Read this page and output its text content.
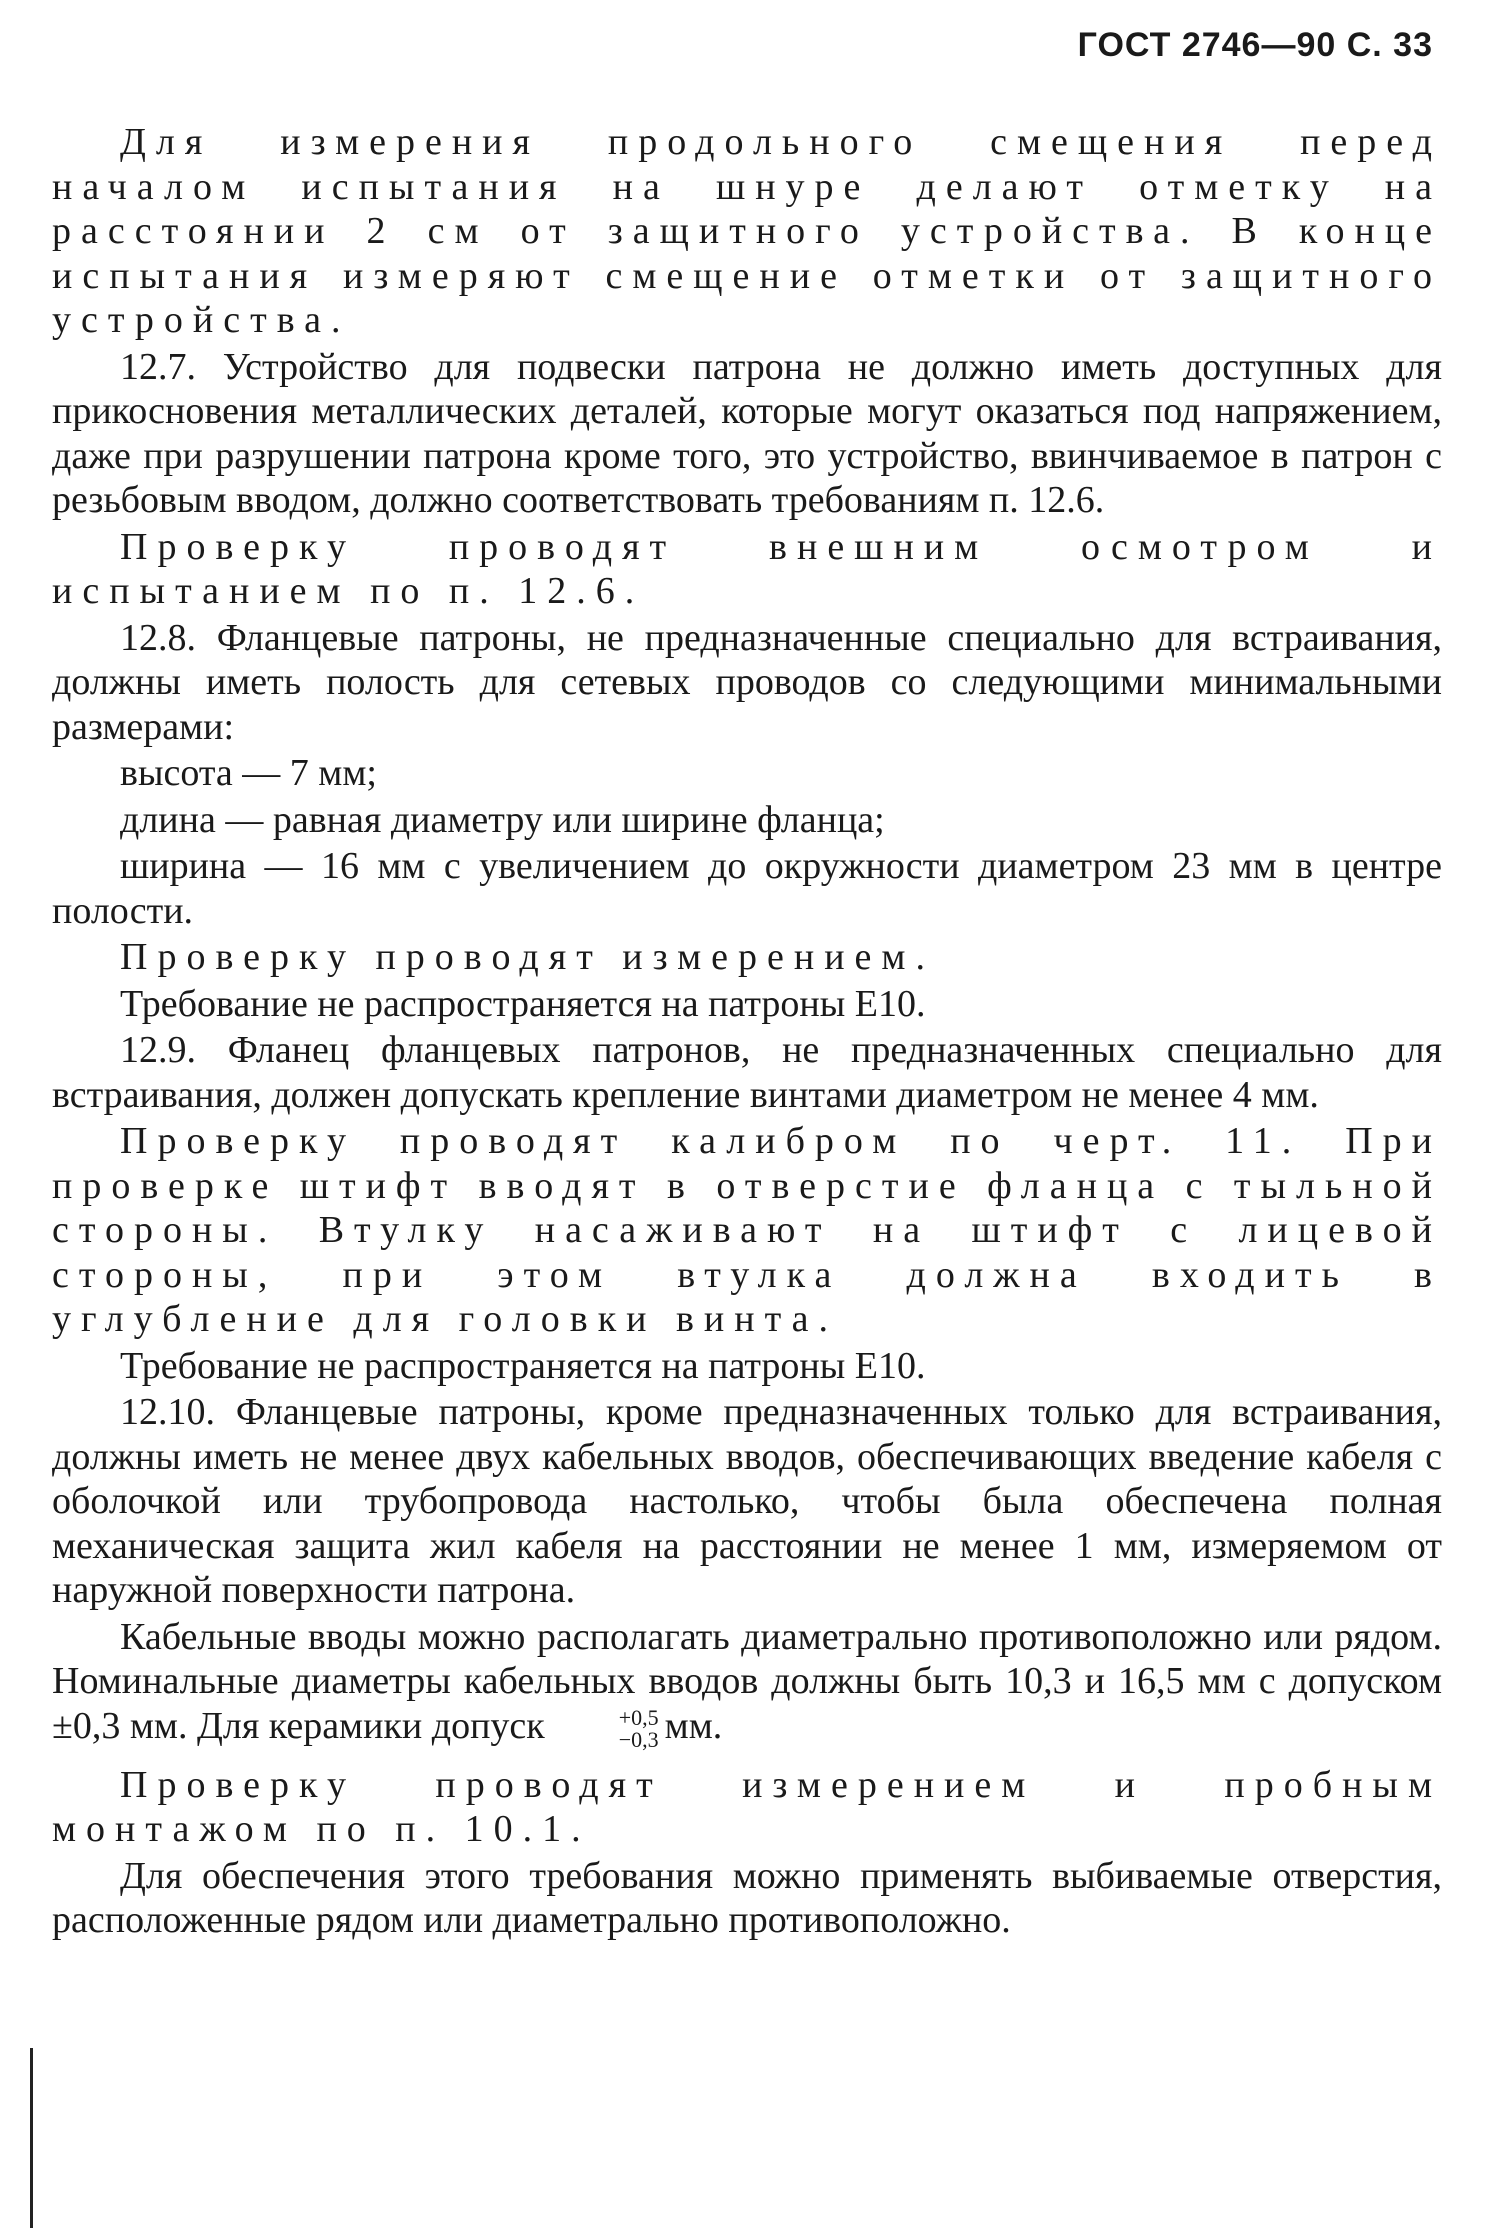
ГОСТ 2746—90 С. 33

Для измерения продольного смещения перед началом испытания на шнуре делают отметку на расстоянии 2 см от защитного устройства. В конце испытания измеряют смещение отметки от защитного устройства.

12.7. Устройство для подвески патрона не должно иметь доступных для прикосновения металлических деталей, которые могут оказаться под напряжением, даже при разрушении патрона кроме того, это устройство, ввинчиваемое в патрон с резьбовым вводом, должно соответствовать требованиям п. 12.6.

Проверку проводят внешним осмотром и испытанием по п. 12.6.

12.8. Фланцевые патроны, не предназначенные специально для встраивания, должны иметь полость для сетевых проводов со следующими минимальными размерами:

высота — 7 мм;

длина — равная диаметру или ширине фланца;

ширина — 16 мм с увеличением до окружности диаметром 23 мм в центре полости.

Проверку проводят измерением.

Требование не распространяется на патроны Е10.

12.9. Фланец фланцевых патронов, не предназначенных специально для встраивания, должен допускать крепление винтами диаметром не менее 4 мм.

Проверку проводят калибром по черт. 11. При проверке штифт вводят в отверстие фланца с тыльной стороны. Втулку насаживают на штифт с лицевой стороны, при этом втулка должна входить в углубление для головки винта.

Требование не распространяется на патроны Е10.

12.10. Фланцевые патроны, кроме предназначенных только для встраивания, должны иметь не менее двух кабельных вводов, обеспечивающих введение кабеля с оболочкой или трубопровода настолько, чтобы была обеспечена полная механическая защита жил кабеля на расстоянии не менее 1 мм, измеряемом от наружной поверхности патрона.

Кабельные вводы можно располагать диаметрально противоположно или рядом. Номинальные диаметры кабельных вводов должны быть 10,3 и 16,5 мм с допуском ±0,3 мм. Для керамики допуск	+0,5
−0,3 мм.

Проверку проводят измерением и пробным монтажом по п. 10.1.

Для обеспечения этого требования можно применять выбиваемые отверстия, расположенные рядом или диаметрально противоположно.
